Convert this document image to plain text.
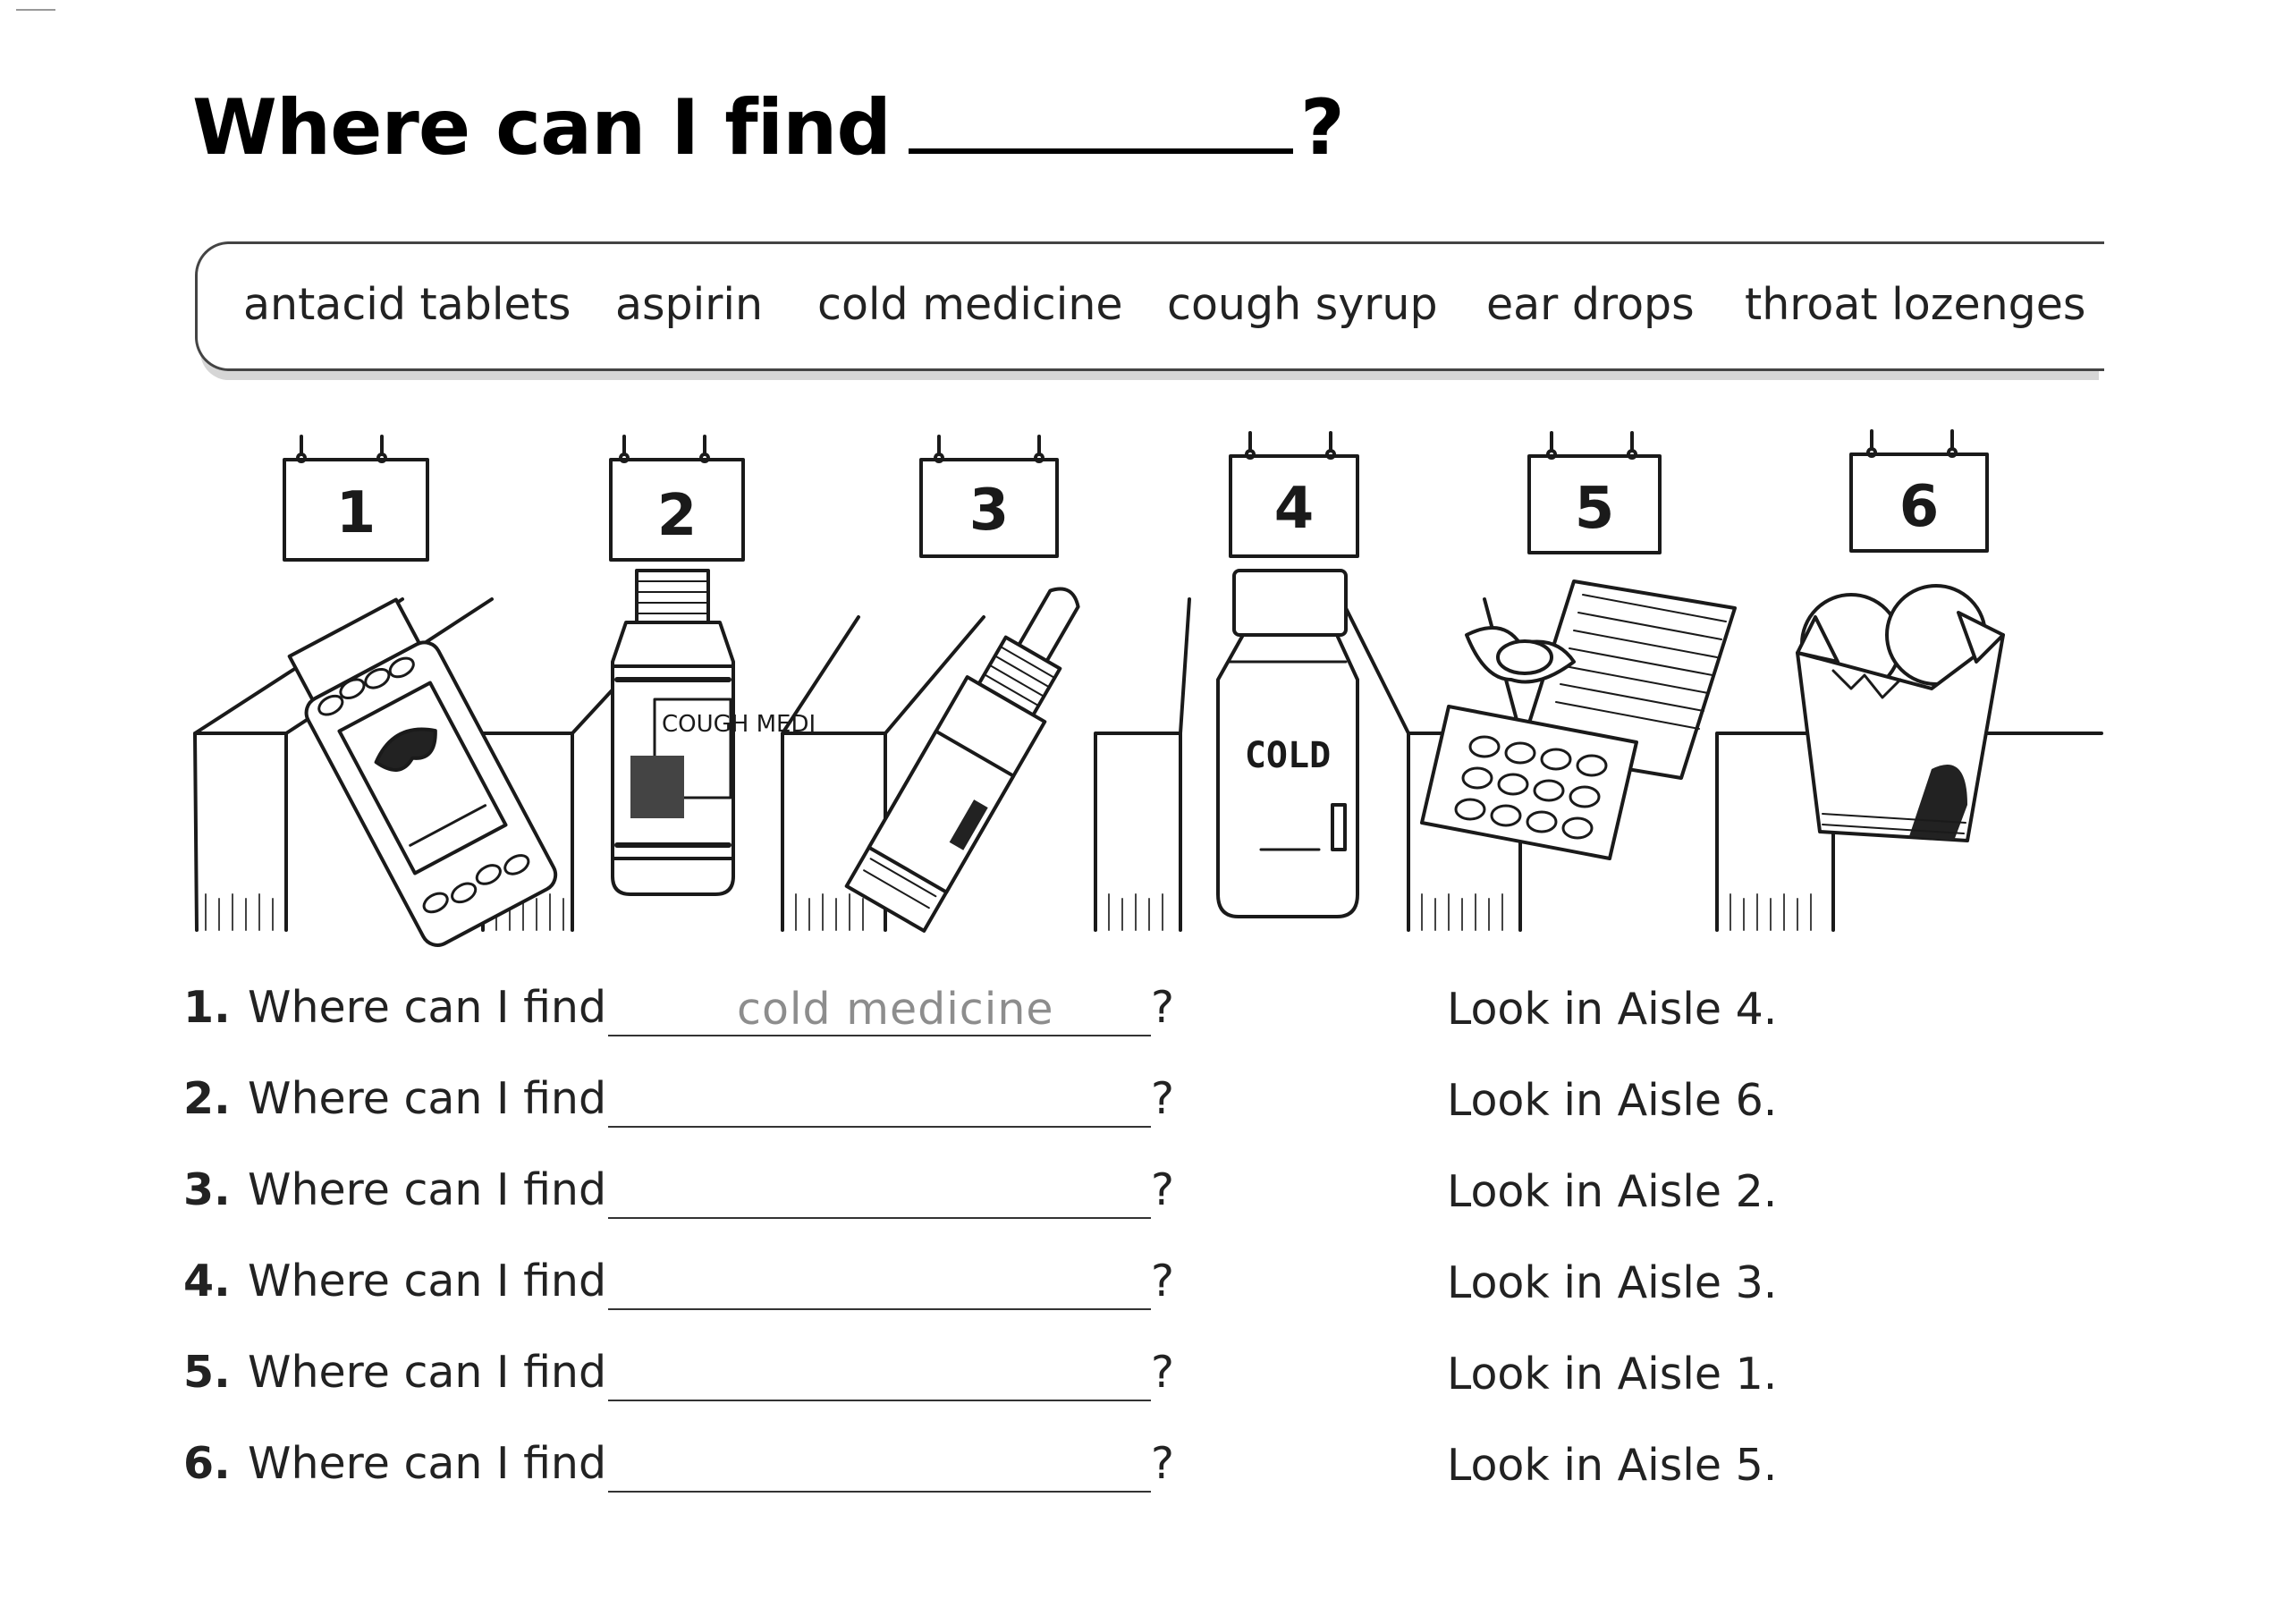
Where can I find	?
antacid tablets aspirin cold medicine cough syrup ear drops throat lozenges
1	2	3	4	5	6
COUGH MEDI
COLD
1. Where can I find	cold medicine ?	Look in Aisle 4.
2. Where can I find	?	Look in Aisle 6.
3. Where can I find	?	Look in Aisle 2.
4. Where can I find	?	Look in Aisle 3.
5. Where can I find	?	Look in Aisle 1.
6. Where can I find	?	Look in Aisle 5.
